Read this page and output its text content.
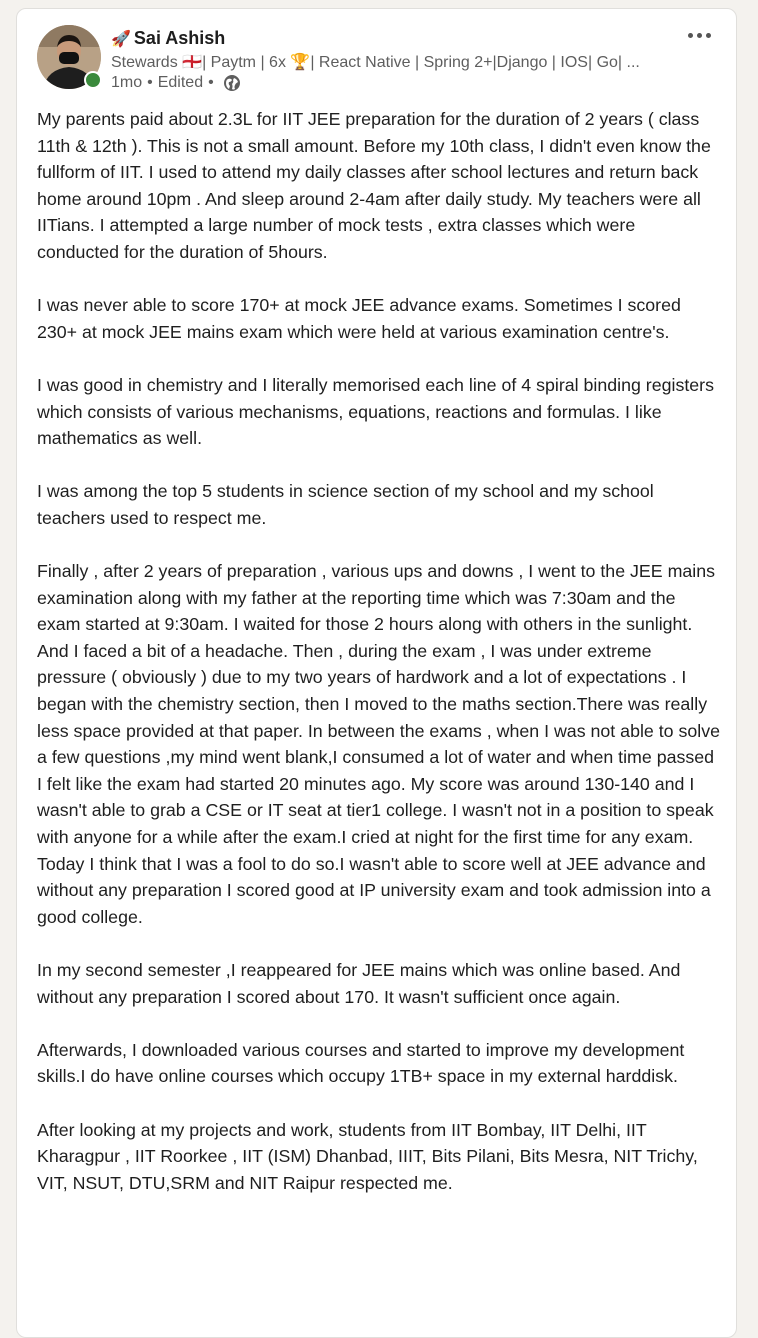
🚀 Sai Ashish
Stewards 🏴󠁧󠁢󠁥󠁮󠁧󠁿| Paytm | 6x 🏆| React Native | Spring 2+|Django | IOS| Go| ...
1mo • Edited •

My parents paid about 2.3L for IIT JEE preparation for the duration of 2 years ( class 11th & 12th ). This is not a small amount. Before my 10th class, I didn't even know the fullform of IIT. I used to attend my daily classes after school lectures and return back home around 10pm . And sleep around 2-4am after daily study. My teachers were all IITians. I attempted a large number of mock tests , extra classes which were conducted for the duration of 5hours.

I was never able to score 170+ at mock JEE advance exams. Sometimes I scored 230+ at mock JEE mains exam which were held at various examination centre's.

I was good in chemistry and I literally memorised each line of 4 spiral binding registers which consists of various mechanisms, equations, reactions and formulas. I like mathematics as well.

I was among the top 5 students in science section of my school and my school teachers used to respect me.

Finally , after 2 years of preparation , various ups and downs , I went to the JEE mains examination along with my father at the reporting time which was 7:30am and the exam started at 9:30am. I waited for those 2 hours along with others in the sunlight. And I faced a bit of a headache. Then , during the exam , I was under extreme pressure ( obviously ) due to my two years of hardwork and a lot of expectations . I began with the chemistry section, then I moved to the maths section.There was really less space provided at that paper. In between the exams , when I was not able to solve a few questions ,my mind went blank,I consumed a lot of water and when time passed I felt like the exam had started 20 minutes ago. My score was around 130-140 and I wasn't able to grab a CSE or IT seat at tier1 college. I wasn't not in a position to speak with anyone for a while after the exam.I cried at night for the first time for any exam. Today I think that I was a fool to do so.I wasn't able to score well at JEE advance and without any preparation I scored good at IP university exam and took admission into a good college.

In my second semester ,I reappeared for JEE mains which was online based. And without any preparation I scored about 170. It wasn't sufficient once again.

Afterwards, I downloaded various courses and started to improve my development skills.I do have online courses which occupy 1TB+ space in my external harddisk.

After looking at my projects and work, students from IIT Bombay, IIT Delhi, IIT Kharagpur , IIT Roorkee , IIT (ISM) Dhanbad, IIIT, Bits Pilani, Bits Mesra, NIT Trichy, VIT, NSUT, DTU,SRM and NIT Raipur respected me.
